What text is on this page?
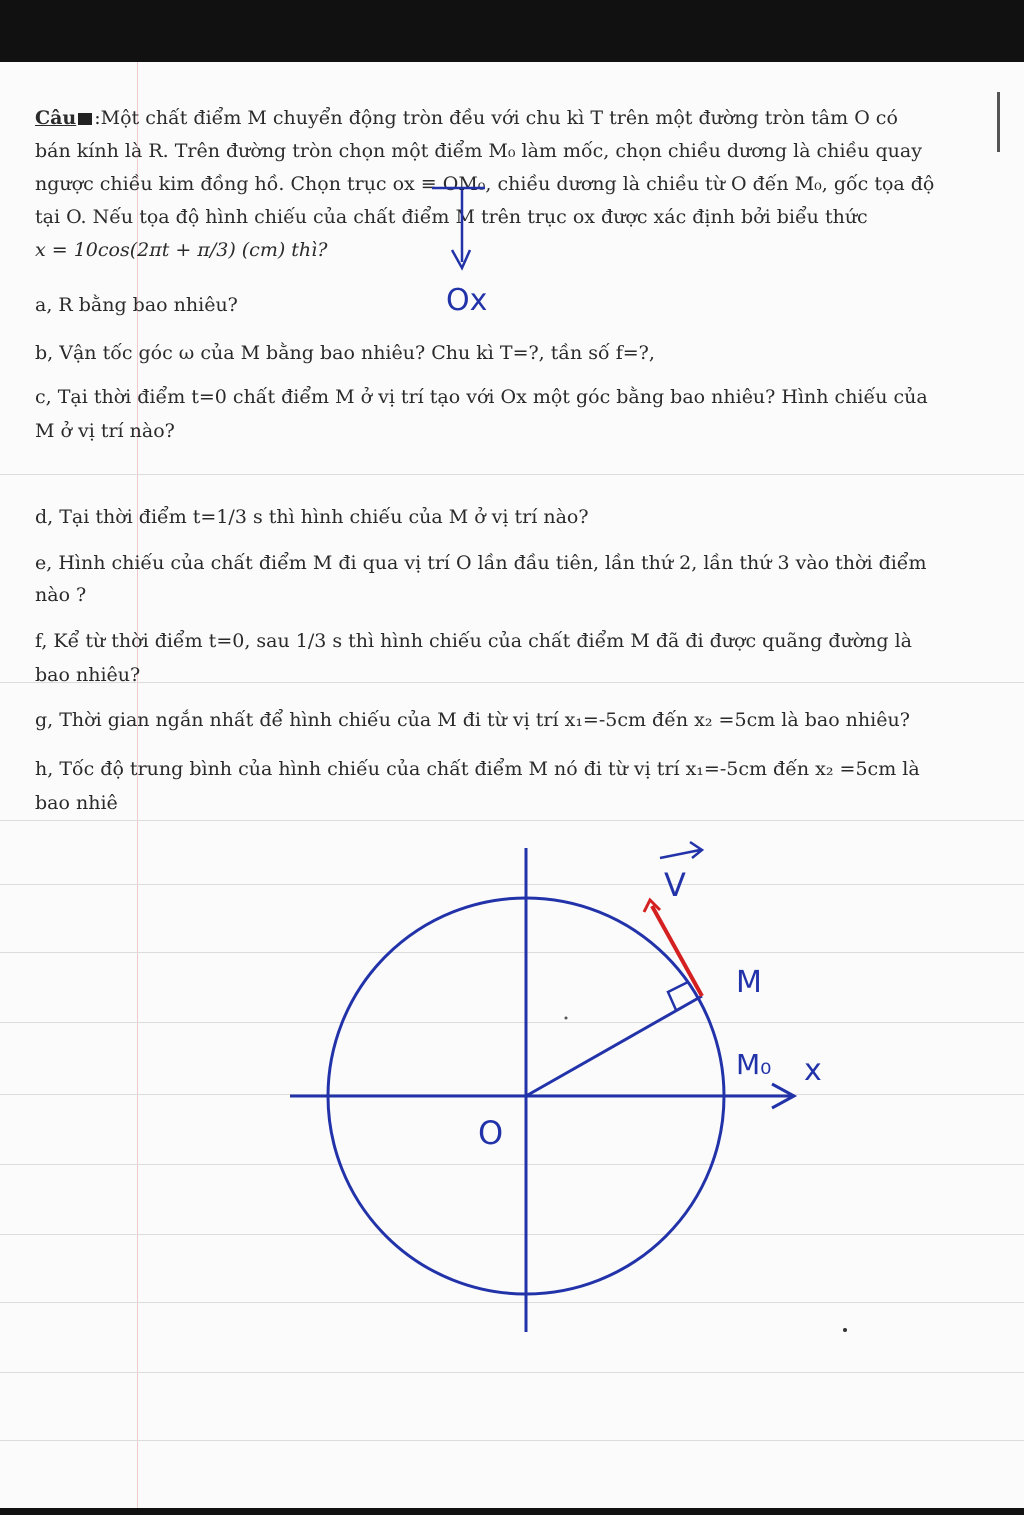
Câu :Một chất điểm M chuyển động tròn đều với chu kì T trên một đường tròn tâm O có

bán kính là R. Trên đường tròn chọn một điểm M₀ làm mốc, chọn chiều dương là chiều quay

ngược chiều kim đồng hồ. Chọn trục ox ≡ OM₀, chiều dương là chiều từ O đến M₀, gốc tọa độ

tại O. Nếu tọa độ hình chiếu của chất điểm M trên trục ox được xác định bởi biểu thức

x = 10cos(2πt + π/3) (cm) thì?

a, R bằng bao nhiêu?
b, Vận tốc góc ω của M bằng bao nhiêu? Chu kì T=?, tần số f=?,
c, Tại thời điểm t=0 chất điểm M ở vị trí tạo với Ox một góc bằng bao nhiêu? Hình chiếu của
M ở vị trí nào?
d, Tại thời điểm t=1/3 s thì hình chiếu của M ở vị trí nào?
e, Hình chiếu của chất điểm M đi qua vị trí O lần đầu tiên, lần thứ 2, lần thứ 3 vào thời điểm
nào ?
f, Kể từ thời điểm t=0, sau 1/3 s thì hình chiếu của chất điểm M đã đi được quãng đường là
bao nhiêu?
g, Thời gian ngắn nhất để hình chiếu của M đi từ vị trí x₁=-5cm đến x₂ =5cm là bao nhiêu?
h, Tốc độ trung bình của hình chiếu của chất điểm M nó đi từ vị trí x₁=-5cm đến x₂ =5cm là
bao nhiê
Ox
V
M
M₀ x
O
